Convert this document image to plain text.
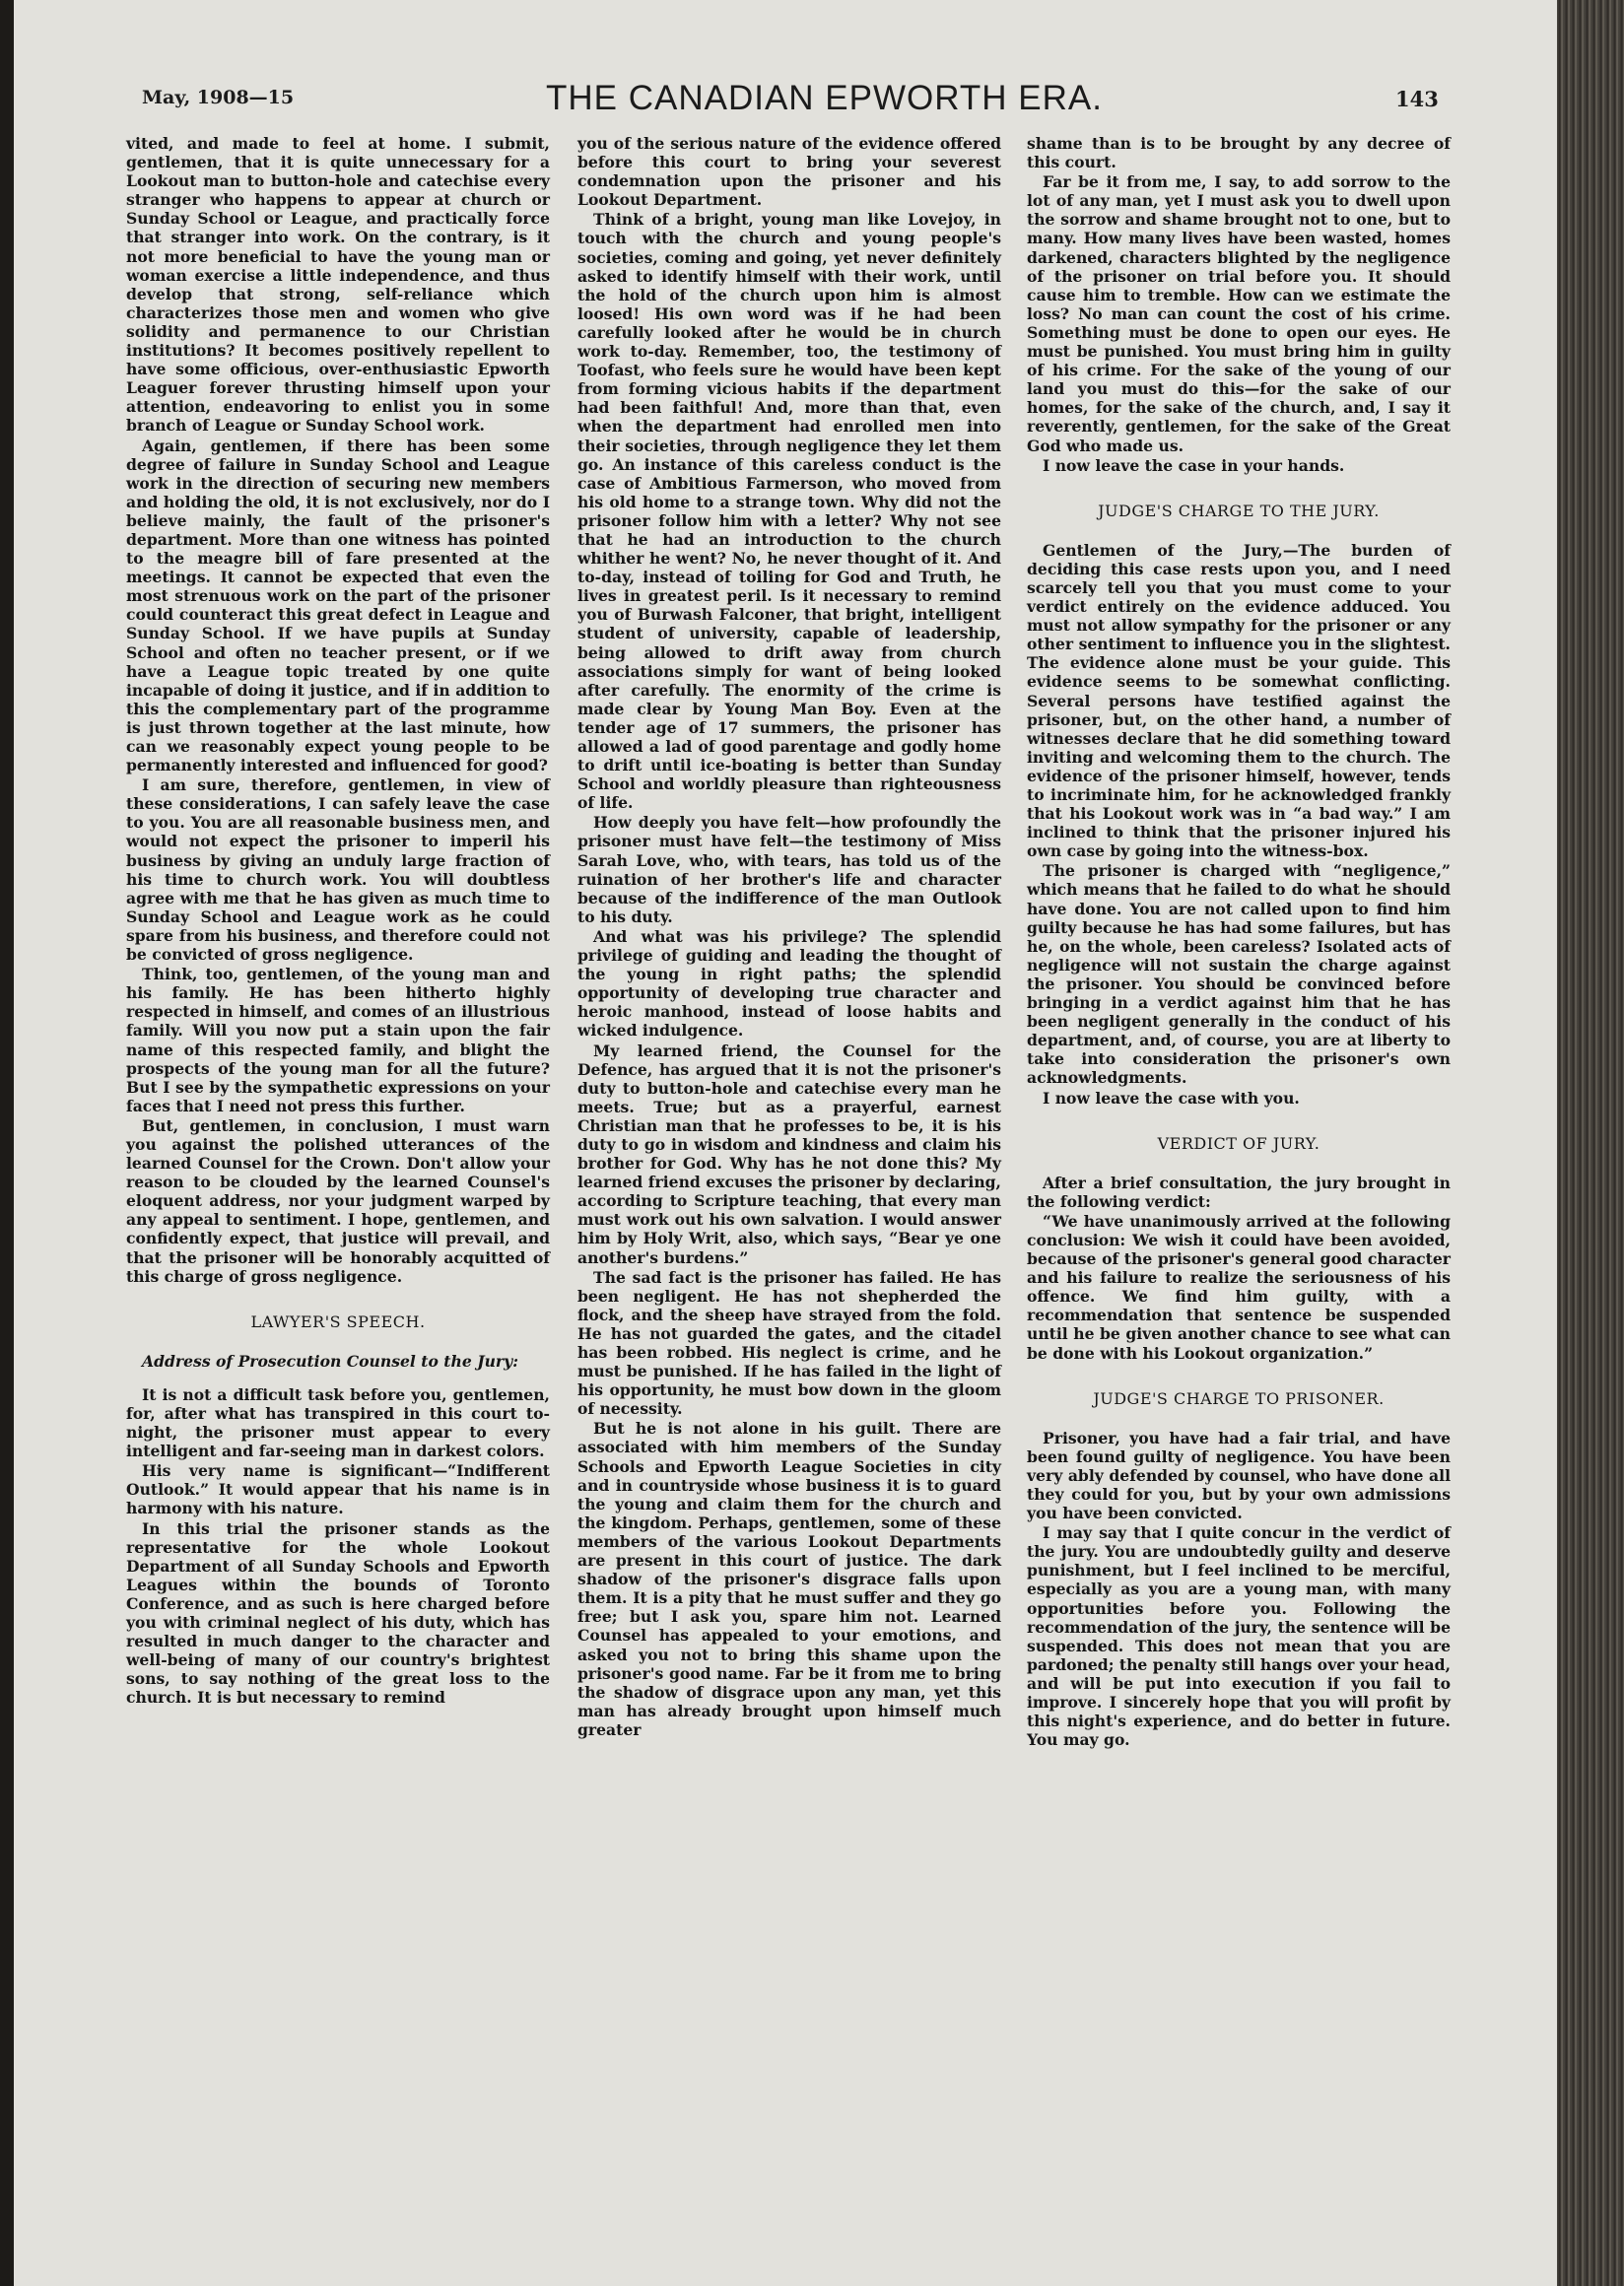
May, 1908—15	THE CANADIAN EPWORTH ERA.	143

vited, and made to feel at home. I submit, gentlemen, that it is quite unnecessary for a Lookout man to button-hole and catechise every stranger who happens to appear at church or Sunday School or League, and practically force that stranger into work. On the contrary, is it not more beneficial to have the young man or woman exercise a little independence, and thus develop that strong, self-reliance which characterizes those men and women who give solidity and permanence to our Christian institutions? It becomes positively repellent to have some officious, over-enthusiastic Epworth Leaguer forever thrusting himself upon your attention, endeavoring to enlist you in some branch of League or Sunday School work.

Again, gentlemen, if there has been some degree of failure in Sunday School and League work in the direction of securing new members and holding the old, it is not exclusively, nor do I believe mainly, the fault of the prisoner's department. More than one witness has pointed to the meagre bill of fare presented at the meetings. It cannot be expected that even the most strenuous work on the part of the prisoner could counteract this great defect in League and Sunday School. If we have pupils at Sunday School and often no teacher present, or if we have a League topic treated by one quite incapable of doing it justice, and if in addition to this the complementary part of the programme is just thrown together at the last minute, how can we reasonably expect young people to be permanently interested and influenced for good?

I am sure, therefore, gentlemen, in view of these considerations, I can safely leave the case to you. You are all reasonable business men, and would not expect the prisoner to imperil his business by giving an unduly large fraction of his time to church work. You will doubtless agree with me that he has given as much time to Sunday School and League work as he could spare from his business, and therefore could not be convicted of gross negligence.

Think, too, gentlemen, of the young man and his family. He has been hitherto highly respected in himself, and comes of an illustrious family. Will you now put a stain upon the fair name of this respected family, and blight the prospects of the young man for all the future? But I see by the sympathetic expressions on your faces that I need not press this further.

But, gentlemen, in conclusion, I must warn you against the polished utterances of the learned Counsel for the Crown. Don't allow your reason to be clouded by the learned Counsel's eloquent address, nor your judgment warped by any appeal to sentiment. I hope, gentlemen, and confidently expect, that justice will prevail, and that the prisoner will be honorably acquitted of this charge of gross negligence.

LAWYER'S SPEECH.

Address of Prosecution Counsel to the Jury:

It is not a difficult task before you, gentlemen, for, after what has transpired in this court to-night, the prisoner must appear to every intelligent and far-seeing man in darkest colors.

His very name is significant—“Indifferent Outlook.” It would appear that his name is in harmony with his nature.

In this trial the prisoner stands as the representative for the whole Lookout Department of all Sunday Schools and Epworth Leagues within the bounds of Toronto Conference, and as such is here charged before you with criminal neglect of his duty, which has resulted in much danger to the character and well-being of many of our country's brightest sons, to say nothing of the great loss to the church. It is but necessary to remind

you of the serious nature of the evidence offered before this court to bring your severest condemnation upon the prisoner and his Lookout Department.

Think of a bright, young man like Lovejoy, in touch with the church and young people's societies, coming and going, yet never definitely asked to identify himself with their work, until the hold of the church upon him is almost loosed! His own word was if he had been carefully looked after he would be in church work to-day. Remember, too, the testimony of Toofast, who feels sure he would have been kept from forming vicious habits if the department had been faithful! And, more than that, even when the department had enrolled men into their societies, through negligence they let them go. An instance of this careless conduct is the case of Ambitious Farmerson, who moved from his old home to a strange town. Why did not the prisoner follow him with a letter? Why not see that he had an introduction to the church whither he went? No, he never thought of it. And to-day, instead of toiling for God and Truth, he lives in greatest peril. Is it necessary to remind you of Burwash Falconer, that bright, intelligent student of university, capable of leadership, being allowed to drift away from church associations simply for want of being looked after carefully. The enormity of the crime is made clear by Young Man Boy. Even at the tender age of 17 summers, the prisoner has allowed a lad of good parentage and godly home to drift until ice-boating is better than Sunday School and worldly pleasure than righteousness of life.

How deeply you have felt—how profoundly the prisoner must have felt—the testimony of Miss Sarah Love, who, with tears, has told us of the ruination of her brother's life and character because of the indifference of the man Outlook to his duty.

And what was his privilege? The splendid privilege of guiding and leading the thought of the young in right paths; the splendid opportunity of developing true character and heroic manhood, instead of loose habits and wicked indulgence.

My learned friend, the Counsel for the Defence, has argued that it is not the prisoner's duty to button-hole and catechise every man he meets. True; but as a prayerful, earnest Christian man that he professes to be, it is his duty to go in wisdom and kindness and claim his brother for God. Why has he not done this? My learned friend excuses the prisoner by declaring, according to Scripture teaching, that every man must work out his own salvation. I would answer him by Holy Writ, also, which says, “Bear ye one another's burdens.”

The sad fact is the prisoner has failed. He has been negligent. He has not shepherded the flock, and the sheep have strayed from the fold. He has not guarded the gates, and the citadel has been robbed. His neglect is crime, and he must be punished. If he has failed in the light of his opportunity, he must bow down in the gloom of necessity.

But he is not alone in his guilt. There are associated with him members of the Sunday Schools and Epworth League Societies in city and in countryside whose business it is to guard the young and claim them for the church and the kingdom. Perhaps, gentlemen, some of these members of the various Lookout Departments are present in this court of justice. The dark shadow of the prisoner's disgrace falls upon them. It is a pity that he must suffer and they go free; but I ask you, spare him not. Learned Counsel has appealed to your emotions, and asked you not to bring this shame upon the prisoner's good name. Far be it from me to bring the shadow of disgrace upon any man, yet this man has already brought upon himself much greater

shame than is to be brought by any decree of this court.

Far be it from me, I say, to add sorrow to the lot of any man, yet I must ask you to dwell upon the sorrow and shame brought not to one, but to many. How many lives have been wasted, homes darkened, characters blighted by the negligence of the prisoner on trial before you. It should cause him to tremble. How can we estimate the loss? No man can count the cost of his crime. Something must be done to open our eyes. He must be punished. You must bring him in guilty of his crime. For the sake of the young of our land you must do this—for the sake of our homes, for the sake of the church, and, I say it reverently, gentlemen, for the sake of the Great God who made us.

I now leave the case in your hands.

JUDGE'S CHARGE TO THE JURY.

Gentlemen of the Jury,—The burden of deciding this case rests upon you, and I need scarcely tell you that you must come to your verdict entirely on the evidence adduced. You must not allow sympathy for the prisoner or any other sentiment to influence you in the slightest. The evidence alone must be your guide. This evidence seems to be somewhat conflicting. Several persons have testified against the prisoner, but, on the other hand, a number of witnesses declare that he did something toward inviting and welcoming them to the church. The evidence of the prisoner himself, however, tends to incriminate him, for he acknowledged frankly that his Lookout work was in “a bad way.” I am inclined to think that the prisoner injured his own case by going into the witness-box.

The prisoner is charged with “negligence,” which means that he failed to do what he should have done. You are not called upon to find him guilty because he has had some failures, but has he, on the whole, been careless? Isolated acts of negligence will not sustain the charge against the prisoner. You should be convinced before bringing in a verdict against him that he has been negligent generally in the conduct of his department, and, of course, you are at liberty to take into consideration the prisoner's own acknowledgments.

I now leave the case with you.

VERDICT OF JURY.

After a brief consultation, the jury brought in the following verdict:

“We have unanimously arrived at the following conclusion: We wish it could have been avoided, because of the prisoner's general good character and his failure to realize the seriousness of his offence. We find him guilty, with a recommendation that sentence be suspended until he be given another chance to see what can be done with his Lookout organization.”

JUDGE'S CHARGE TO PRISONER.

Prisoner, you have had a fair trial, and have been found guilty of negligence. You have been very ably defended by counsel, who have done all they could for you, but by your own admissions you have been convicted.

I may say that I quite concur in the verdict of the jury. You are undoubtedly guilty and deserve punishment, but I feel inclined to be merciful, especially as you are a young man, with many opportunities before you. Following the recommendation of the jury, the sentence will be suspended. This does not mean that you are pardoned; the penalty still hangs over your head, and will be put into execution if you fail to improve. I sincerely hope that you will profit by this night's experience, and do better in future. You may go.
